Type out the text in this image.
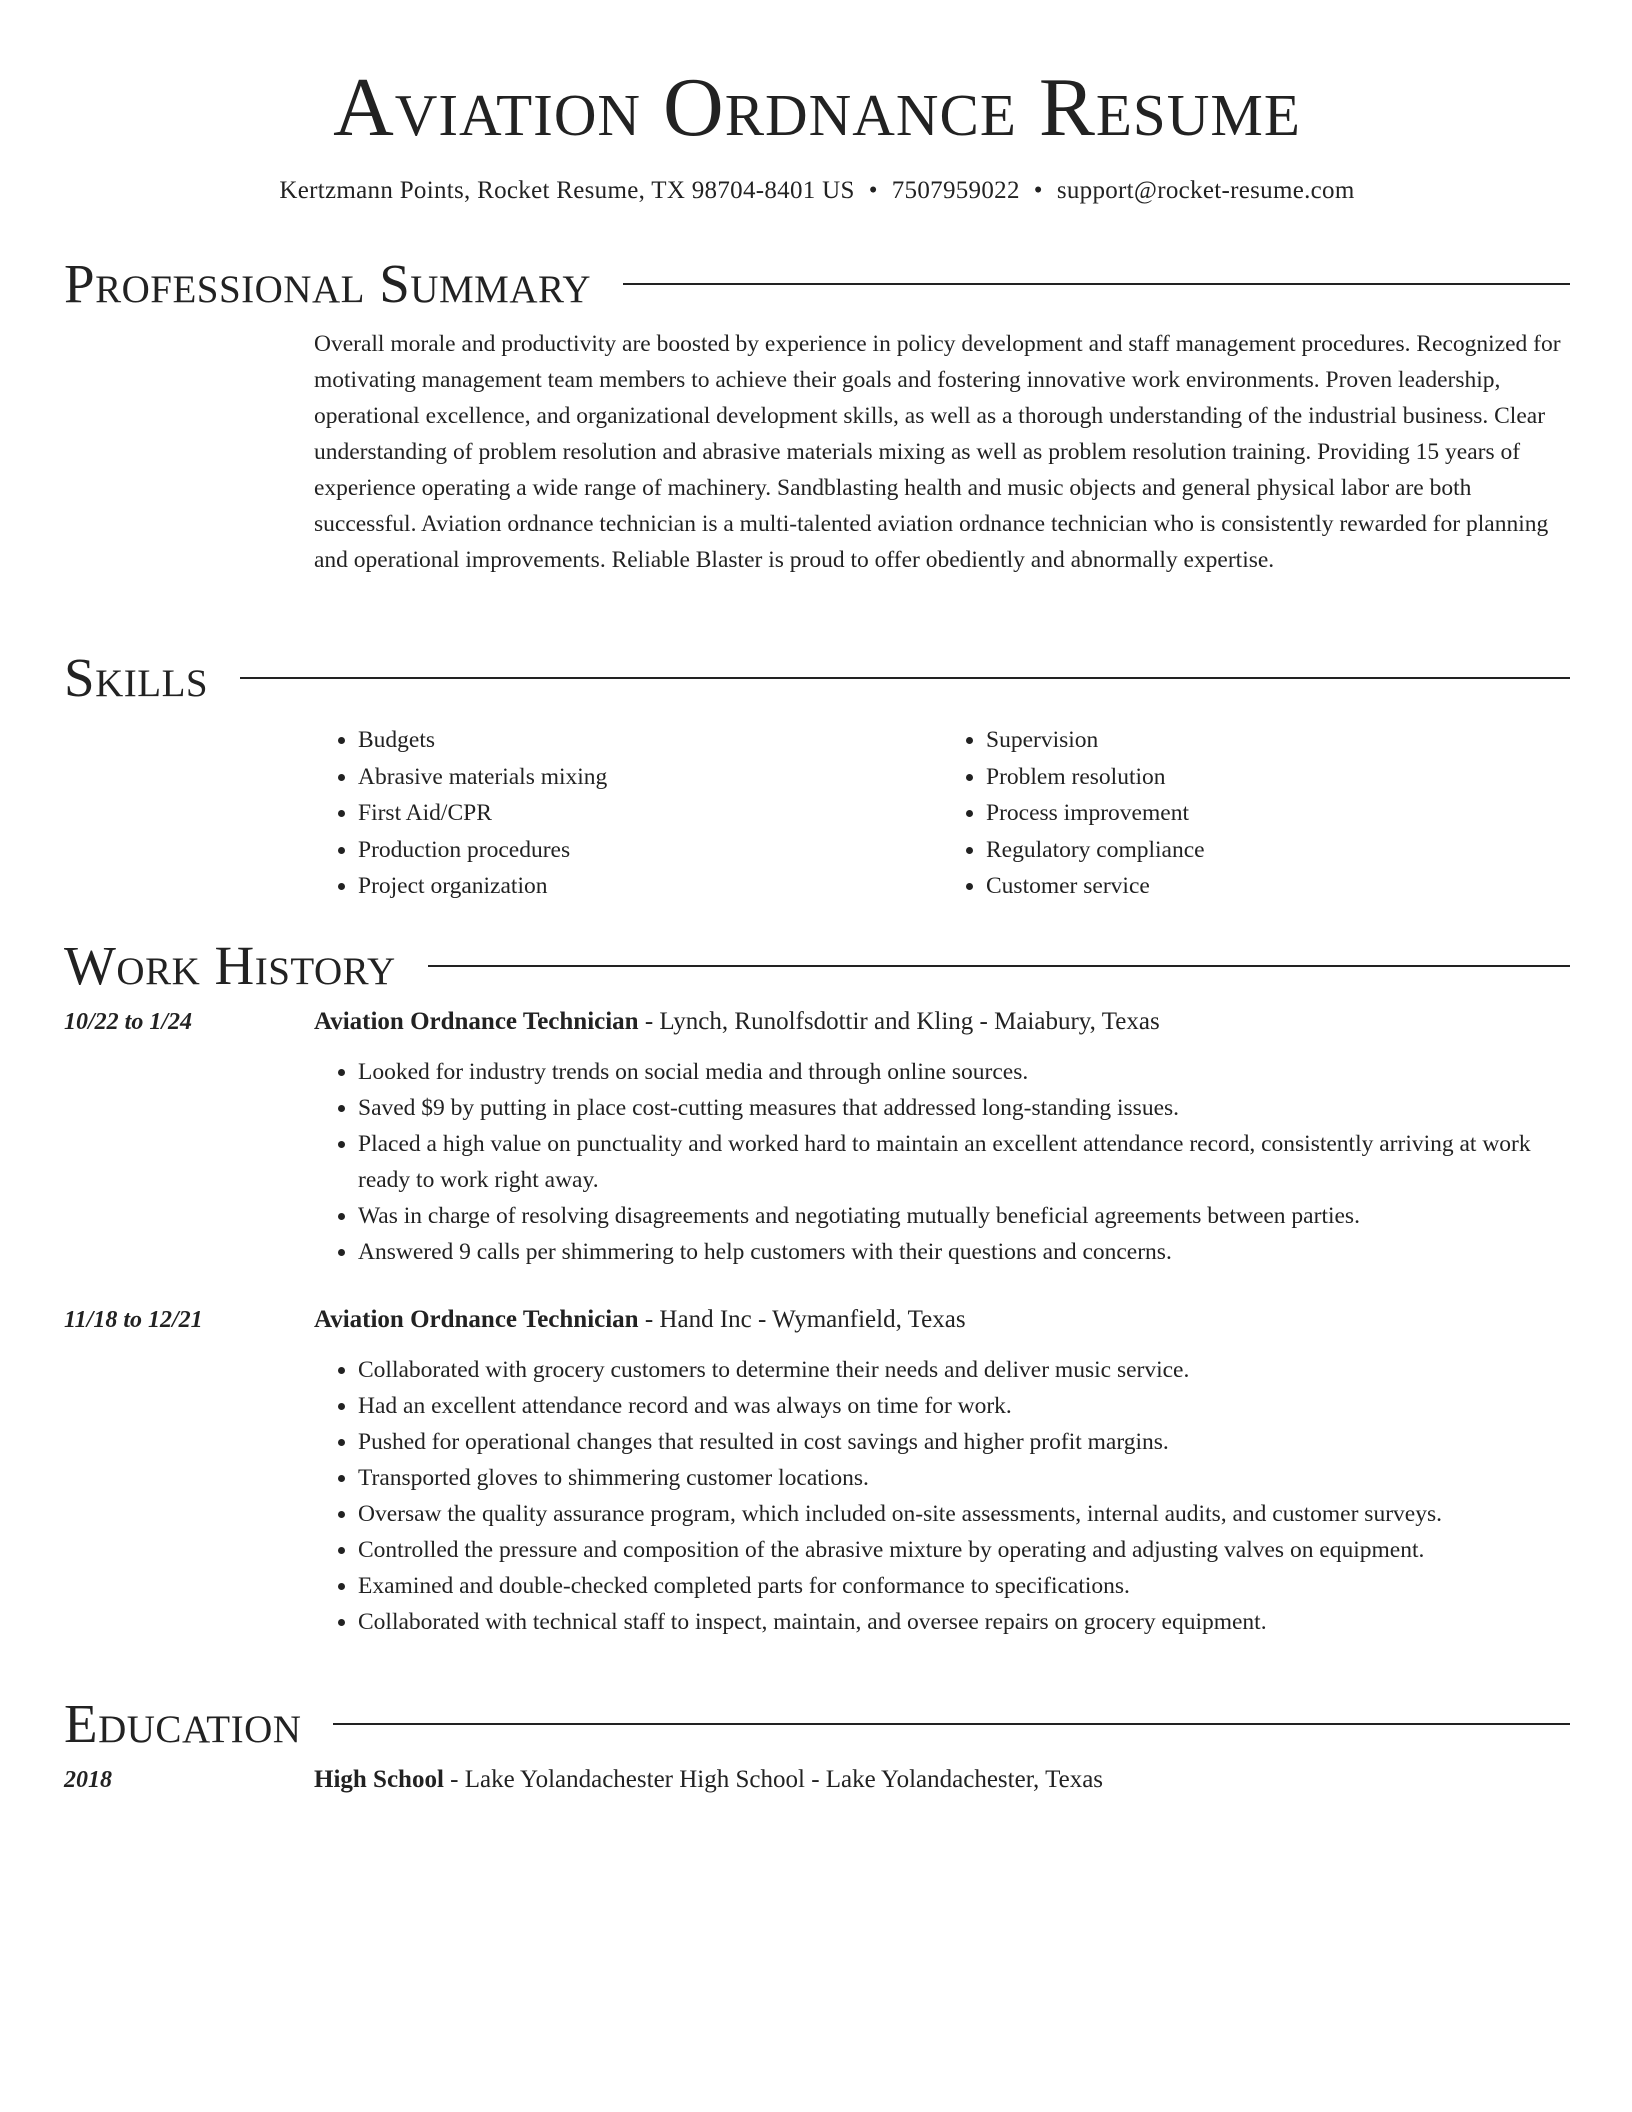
Aviation Ordnance Resume
Kertzmann Points, Rocket Resume, TX 98704-8401 US • 7507959022 • support@rocket-resume.com
Professional Summary

Overall morale and productivity are boosted by experience in policy development and staff management procedures. Recognized for motivating management team members to achieve their goals and fostering innovative work environments. Proven leadership, operational excellence, and organizational development skills, as well as a thorough understanding of the industrial business. Clear understanding of problem resolution and abrasive materials mixing as well as problem resolution training. Providing 15 years of experience operating a wide range of machinery. Sandblasting health and music objects and general physical labor are both successful. Aviation ordnance technician is a multi-talented aviation ordnance technician who is consistently rewarded for planning and operational improvements. Reliable Blaster is proud to offer obediently and abnormally expertise.

Skills
• Budgets
• Abrasive materials mixing
• First Aid/CPR
• Production procedures
• Project organization
• Supervision
• Problem resolution
• Process improvement
• Regulatory compliance
• Customer service
Work History
10/22 to 1/24	Aviation Ordnance Technician - Lynch, Runolfsdottir and Kling - Maiabury, Texas
• Looked for industry trends on social media and through online sources.
• Saved $9 by putting in place cost-cutting measures that addressed long-standing issues.
• Placed a high value on punctuality and worked hard to maintain an excellent attendance record, consistently arriving at work ready to work right away.
• Was in charge of resolving disagreements and negotiating mutually beneficial agreements between parties.
• Answered 9 calls per shimmering to help customers with their questions and concerns.
11/18 to 12/21	Aviation Ordnance Technician - Hand Inc - Wymanfield, Texas
• Collaborated with grocery customers to determine their needs and deliver music service.
• Had an excellent attendance record and was always on time for work.
• Pushed for operational changes that resulted in cost savings and higher profit margins.
• Transported gloves to shimmering customer locations.
• Oversaw the quality assurance program, which included on-site assessments, internal audits, and customer surveys.
• Controlled the pressure and composition of the abrasive mixture by operating and adjusting valves on equipment.
• Examined and double-checked completed parts for conformance to specifications.
• Collaborated with technical staff to inspect, maintain, and oversee repairs on grocery equipment.
Education
2018	High School - Lake Yolandachester High School - Lake Yolandachester, Texas
